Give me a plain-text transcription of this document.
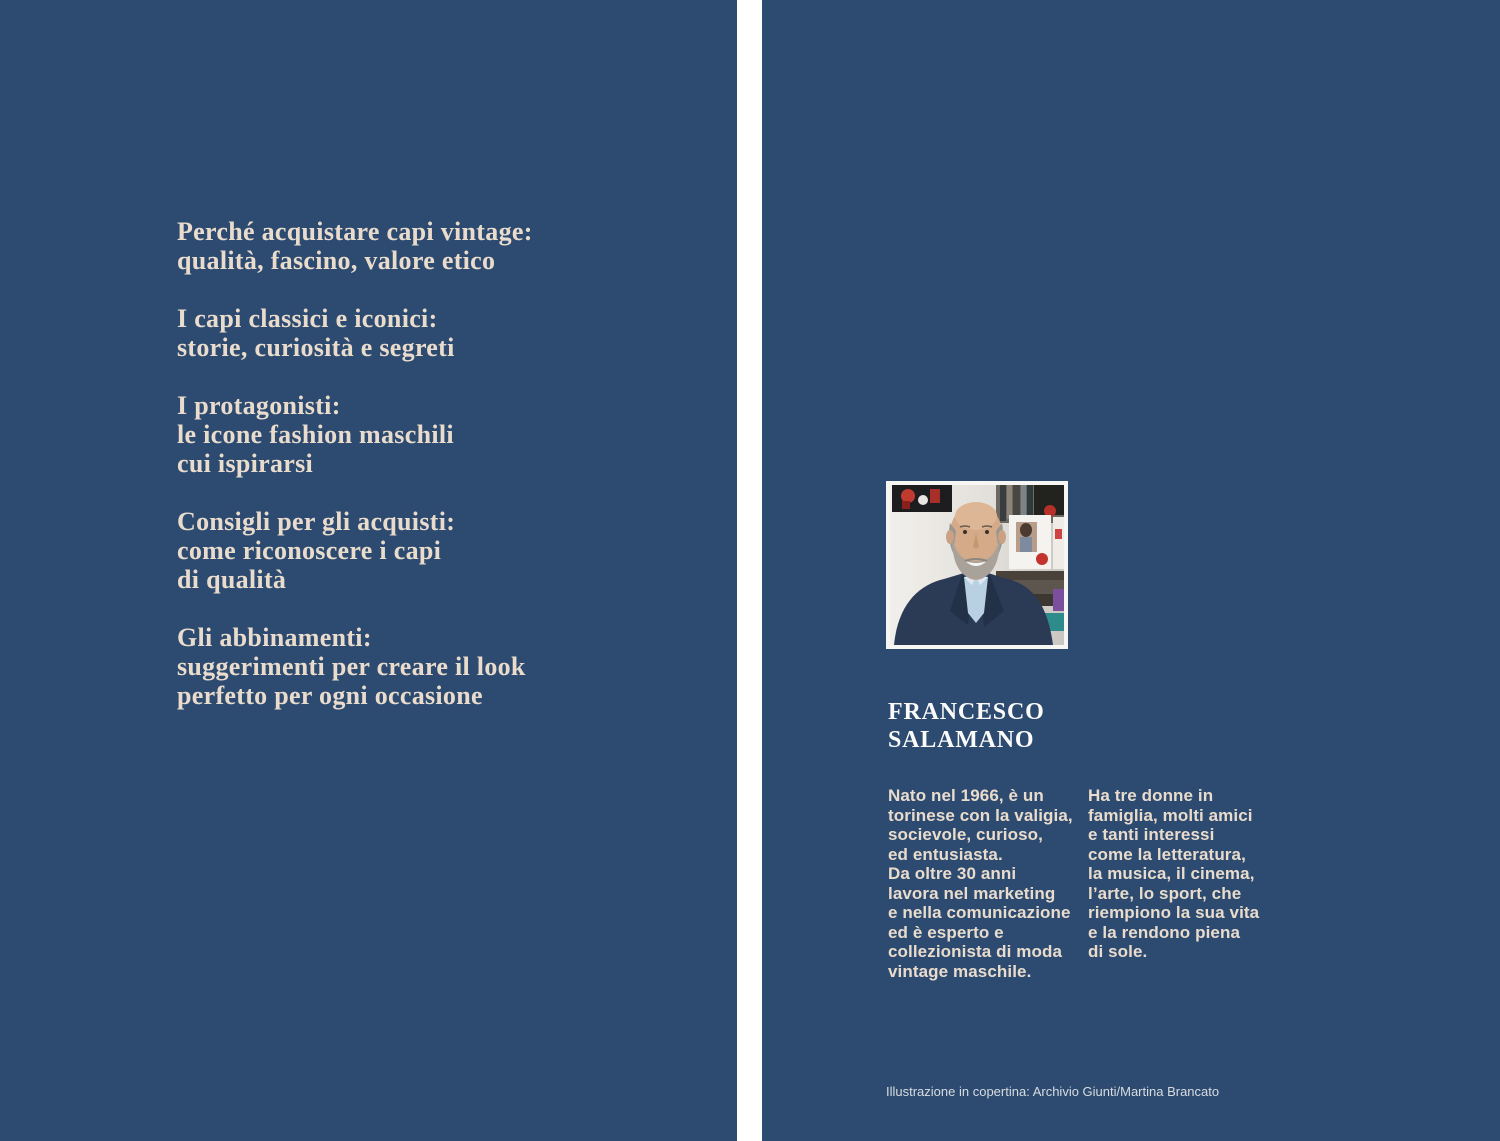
Perché acquistare capi vintage:
qualità, fascino, valore etico

I capi classici e iconici:
storie, curiosità e segreti

I protagonisti:
le icone fashion maschili
cui ispirarsi

Consigli per gli acquisti:
come riconoscere i capi
di qualità

Gli abbinamenti:
suggerimenti per creare il look
perfetto per ogni occasione

FRANCESCO
SALAMANO
Nato nel 1966, è un
torinese con la valigia,
socievole, curioso,
ed entusiasta.
Da oltre 30 anni
lavora nel marketing
e nella comunicazione
ed è esperto e
collezionista di moda
vintage maschile.
Ha tre donne in
famiglia, molti amici
e tanti interessi
come la letteratura,
la musica, il cinema,
l’arte, lo sport, che
riempiono la sua vita
e la rendono piena
di sole.
Illustrazione in copertina: Archivio Giunti/Martina Brancato
